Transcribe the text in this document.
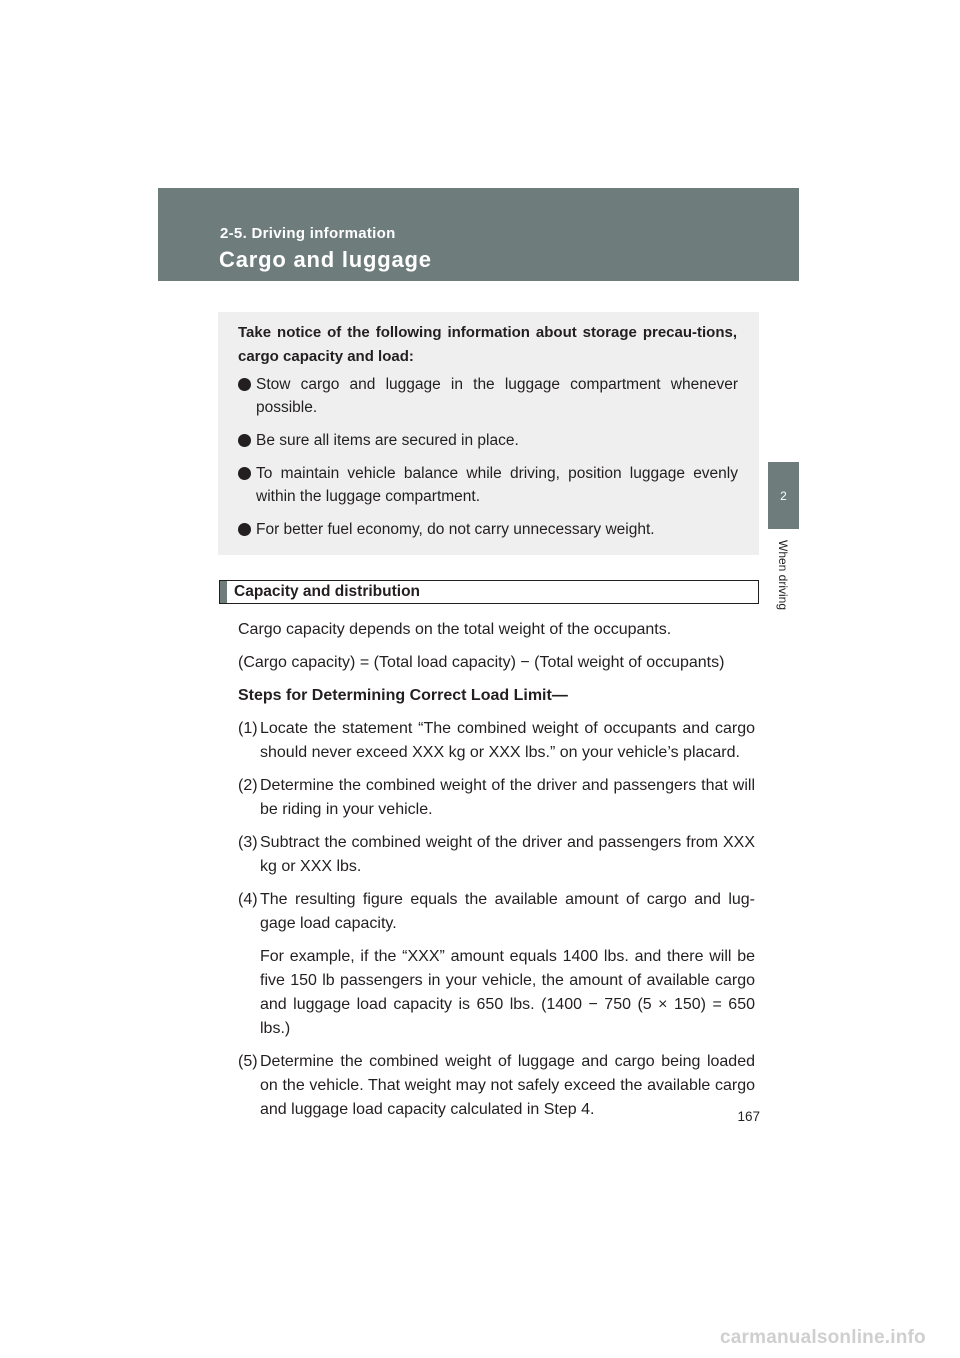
2-5. Driving information
Cargo and luggage
2
When driving
Take notice of the following information about storage precau-tions, cargo capacity and load:
Stow cargo and luggage in the luggage compartment whenever possible.
Be sure all items are secured in place.
To maintain vehicle balance while driving, position luggage evenly within the luggage compartment.
For better fuel economy, do not carry unnecessary weight.
Capacity and distribution

Cargo capacity depends on the total weight of the occupants.

(Cargo capacity) = (Total load capacity) − (Total weight of occupants)

Steps for Determining Correct Load Limit—

(1) Locate the statement “The combined weight of occupants and cargo should never exceed XXX kg or XXX lbs.” on your vehicle’s placard.
(2) Determine the combined weight of the driver and passengers that will be riding in your vehicle.
(3) Subtract the combined weight of the driver and passengers from XXX kg or XXX lbs.
(4) The resulting figure equals the available amount of cargo and lug-gage load capacity.
For example, if the “XXX” amount equals 1400 lbs. and there will be five 150 lb passengers in your vehicle, the amount of available cargo and luggage load capacity is 650 lbs. (1400 − 750 (5 × 150) = 650 lbs.)
(5) Determine the combined weight of luggage and cargo being loaded on the vehicle. That weight may not safely exceed the available cargo and luggage load capacity calculated in Step 4.	167
carmanualsonline.info
